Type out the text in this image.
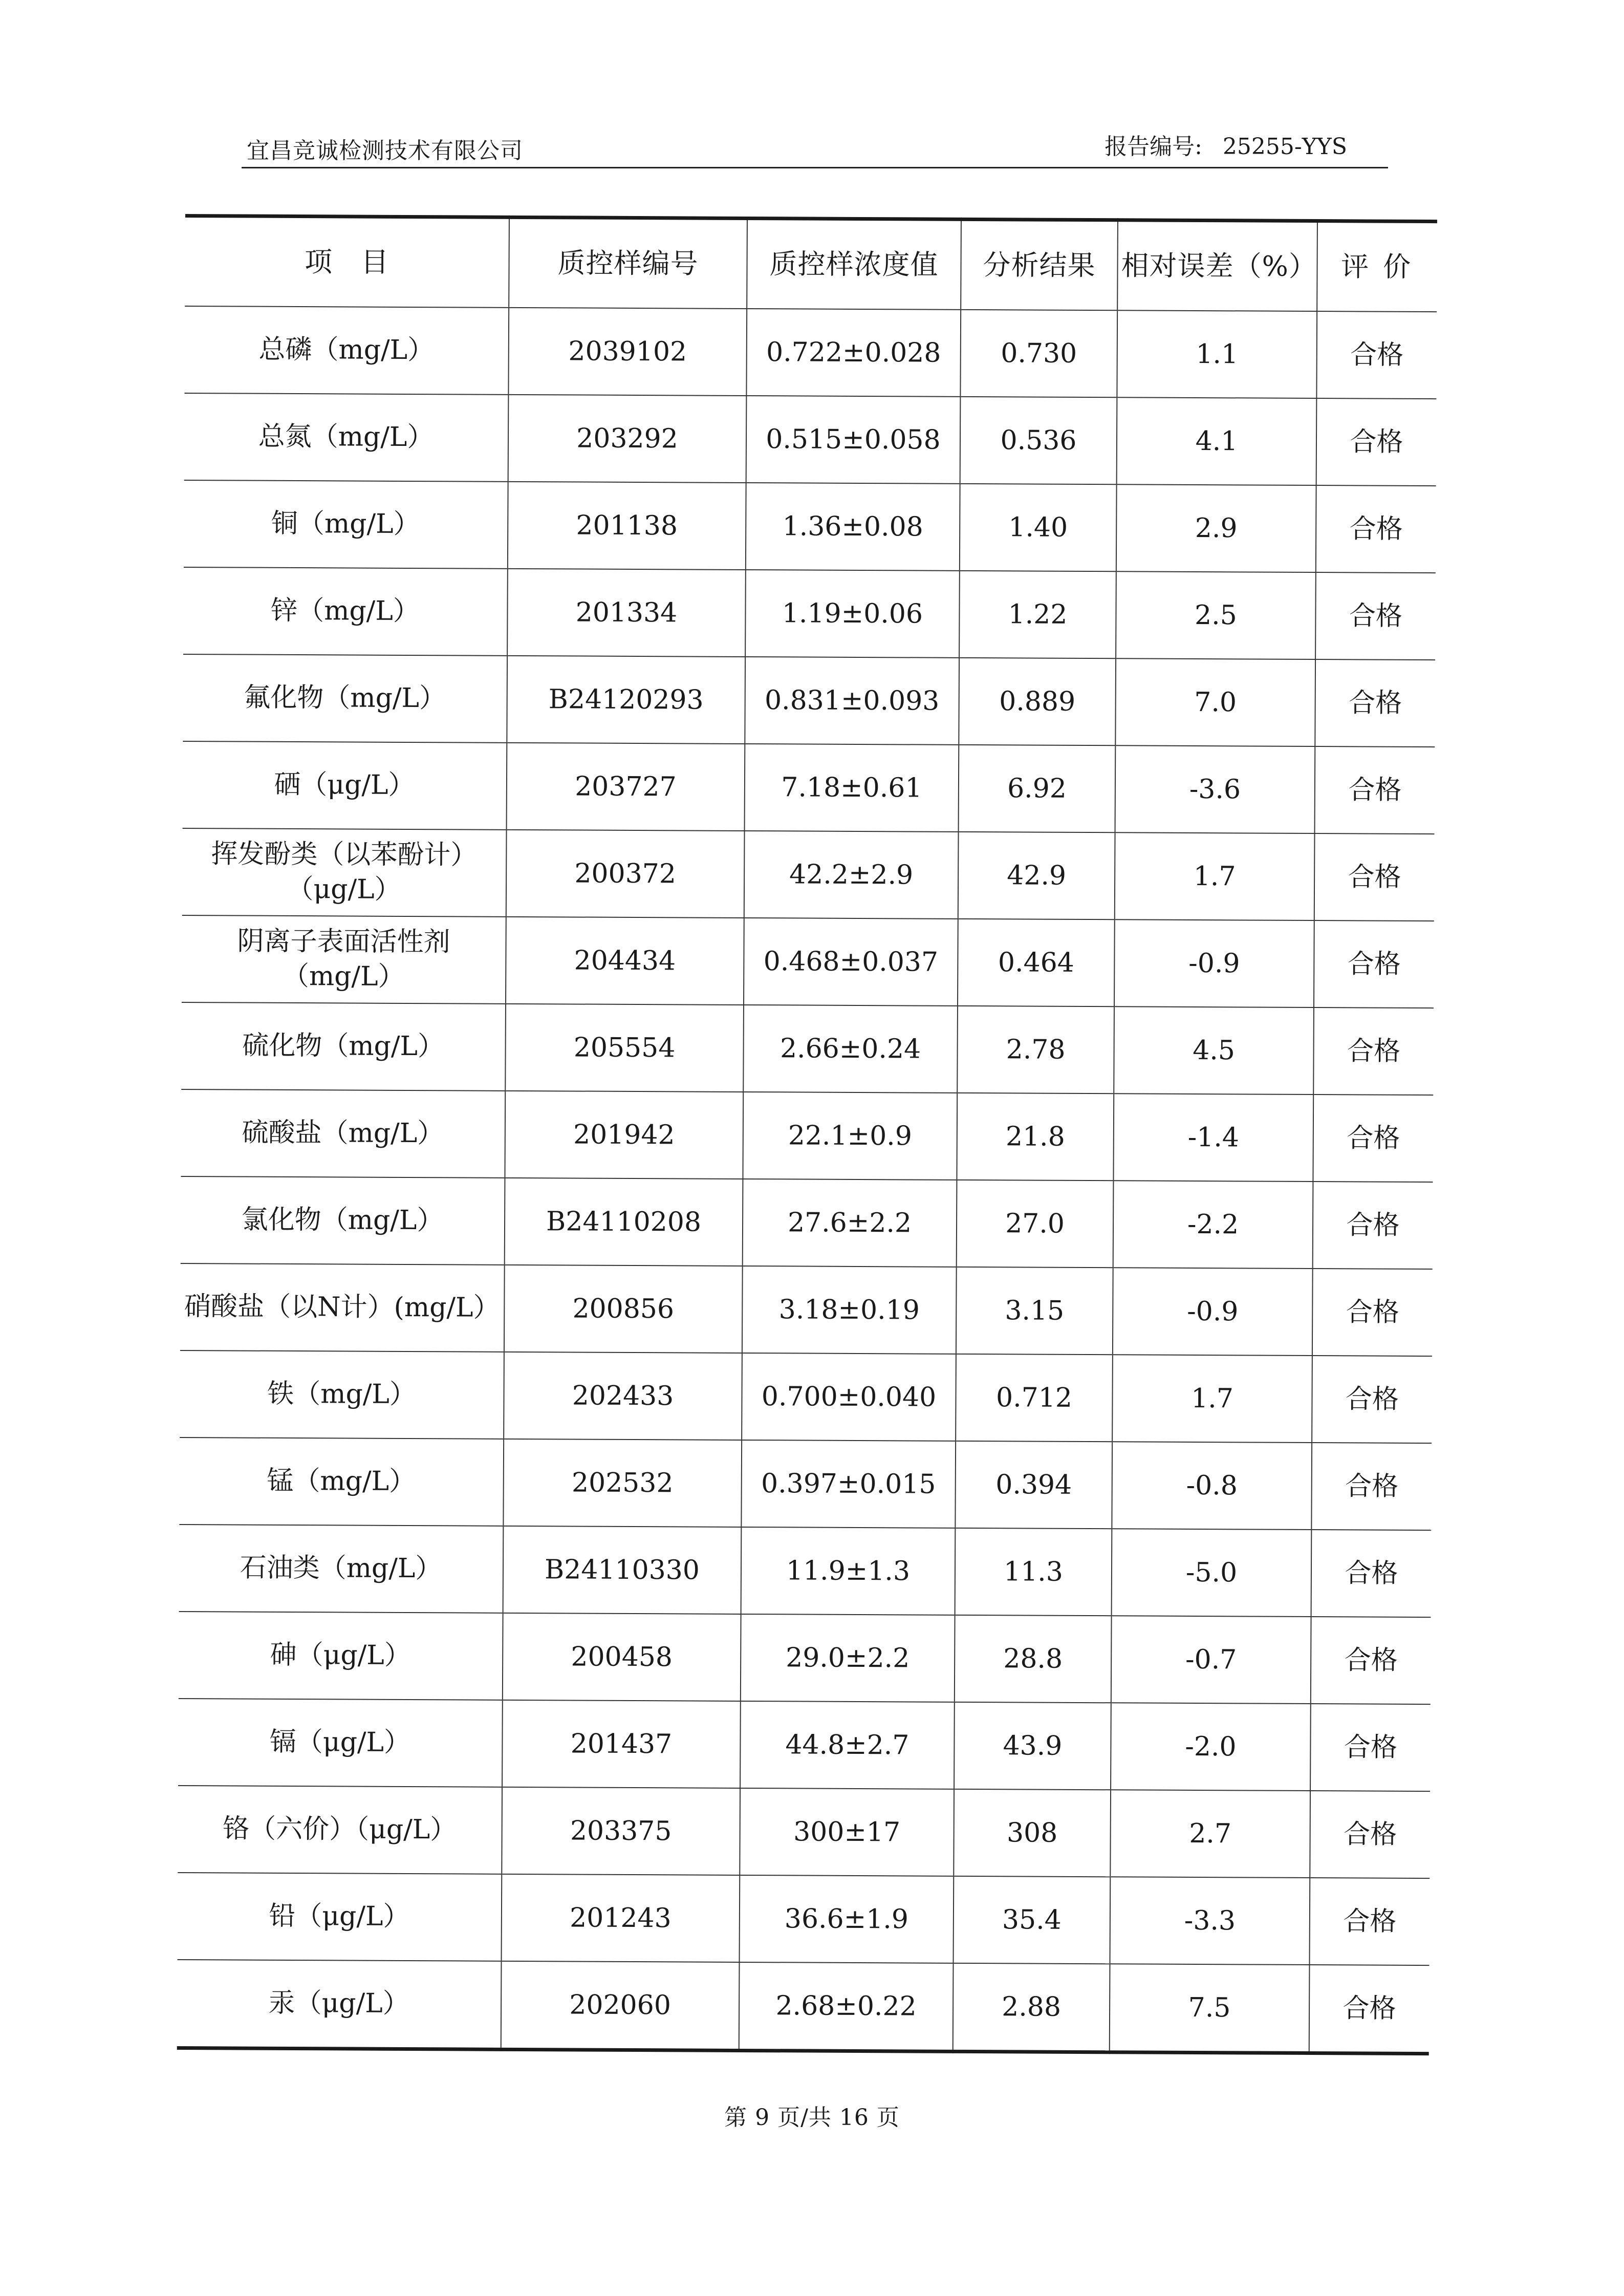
宜昌竞诚检测技术有限公司	报告编号: 25255-YYS
项　目	质控样编号	质控样浓度值	分析结果	相对误差（%）	评价
总磷（mg/L）	2039102	0.722±0.028	0.730	1.1	合格
总氮（mg/L）	203292	0.515±0.058	0.536	4.1	合格
铜（mg/L）	201138	1.36±0.08	1.40	2.9	合格
锌（mg/L）	201334	1.19±0.06	1.22	2.5	合格
氟化物（mg/L）	B24120293	0.831±0.093	0.889	7.0	合格
硒（μg/L）	203727	7.18±0.61	6.92	-3.6	合格

挥发酚类（以苯酚计）
（μg/L）	200372	42.2±2.9	42.9	1.7	合格

阴离子表面活性剂
（mg/L）	204434	0.468±0.037	0.464	-0.9	合格
硫化物（mg/L）	205554	2.66±0.24	2.78	4.5	合格
硫酸盐（mg/L）	201942	22.1±0.9	21.8	-1.4	合格
氯化物（mg/L）	B24110208	27.6±2.2	27.0	-2.2	合格
硝酸盐（以N计）(mg/L）	200856	3.18±0.19	3.15	-0.9	合格
铁（mg/L）	202433	0.700±0.040	0.712	1.7	合格
锰（mg/L）	202532	0.397±0.015	0.394	-0.8	合格
石油类（mg/L）	B24110330	11.9±1.3	11.3	-5.0	合格
砷（μg/L）	200458	29.0±2.2	28.8	-0.7	合格
镉（μg/L）	201437	44.8±2.7	43.9	-2.0	合格
铬（六价）（μg/L）	203375	300±17	308	2.7	合格
铅（μg/L）	201243	36.6±1.9	35.4	-3.3	合格
汞（μg/L）	202060	2.68±0.22	2.88	7.5	合格
第 9 页/共 16 页
